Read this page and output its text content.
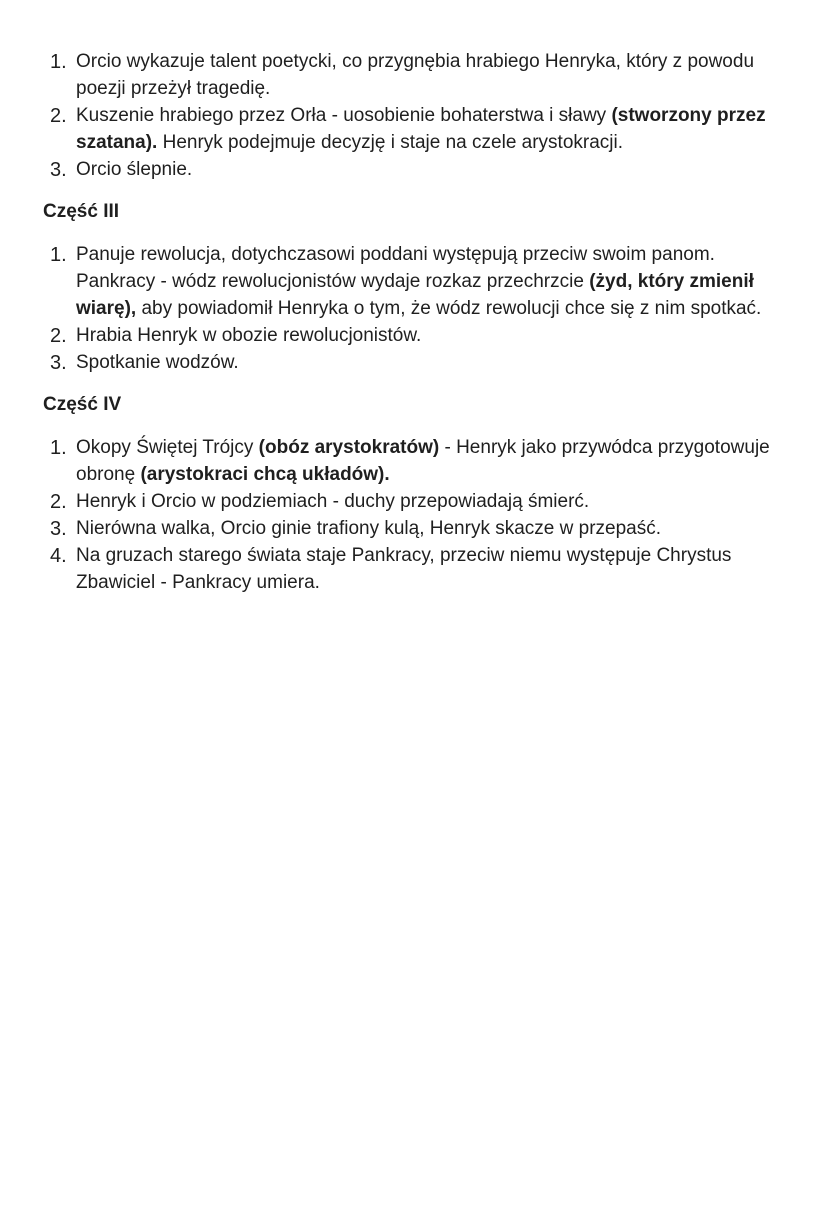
1. Orcio wykazuje talent poetycki, co przygnębia hrabiego Henryka, który z powodu poezji przeżył tragedię.
2. Kuszenie hrabiego przez Orła - uosobienie bohaterstwa i sławy (stworzony przez szatana). Henryk podejmuje decyzję i staje na czele arystokracji.
3. Orcio ślepnie.
Część III
1. Panuje rewolucja, dotychczasowi poddani występują przeciw swoim panom. Pankracy - wódz rewolucjonistów wydaje rozkaz przechrzcie (żyd, który zmienił wiarę), aby powiadomił Henryka o tym, że wódz rewolucji chce się z nim spotkać.
2. Hrabia Henryk w obozie rewolucjonistów.
3. Spotkanie wodzów.
Część IV
1. Okopy Świętej Trójcy (obóz arystokratów) - Henryk jako przywódca przygotowuje obronę (arystokraci chcą układów).
2. Henryk i Orcio w podziemiach - duchy przepowiadają śmierć.
3. Nierówna walka, Orcio ginie trafiony kulą, Henryk skacze w przepaść.
4. Na gruzach starego świata staje Pankracy, przeciw niemu występuje Chrystus Zbawiciel - Pankracy umiera.
